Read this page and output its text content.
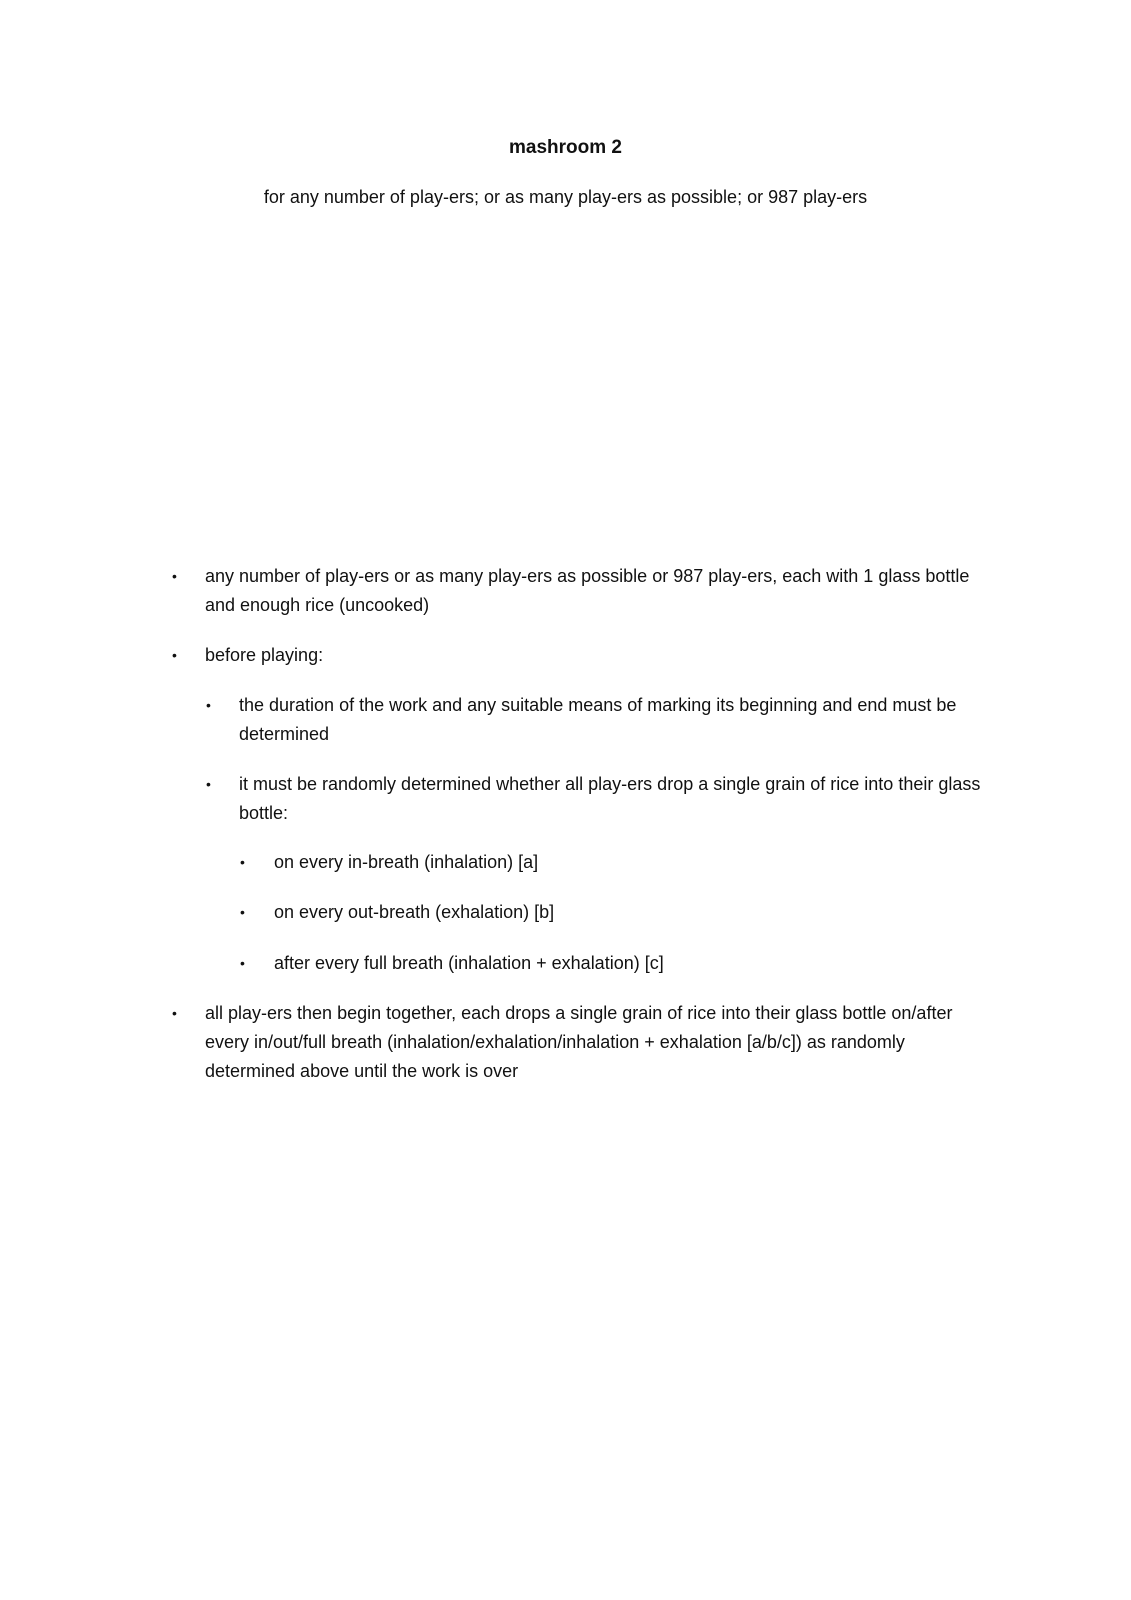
mashroom 2
for any number of play-ers; or as many play-ers as possible; or 987 play-ers
• any number of play-ers or as many play-ers as possible or 987 play-ers, each with 1 glass bottle and enough rice (uncooked)
• before playing:
• the duration of the work and any suitable means of marking its beginning and end must be determined
• it must be randomly determined whether all play-ers drop a single grain of rice into their glass bottle:
• on every in-breath (inhalation) [a]
• on every out-breath (exhalation) [b]
• after every full breath (inhalation + exhalation) [c]
• all play-ers then begin together, each drops a single grain of rice into their glass bottle on/after every in/out/full breath (inhalation/exhalation/inhalation + exhalation [a/b/c]) as randomly determined above until the work is over
